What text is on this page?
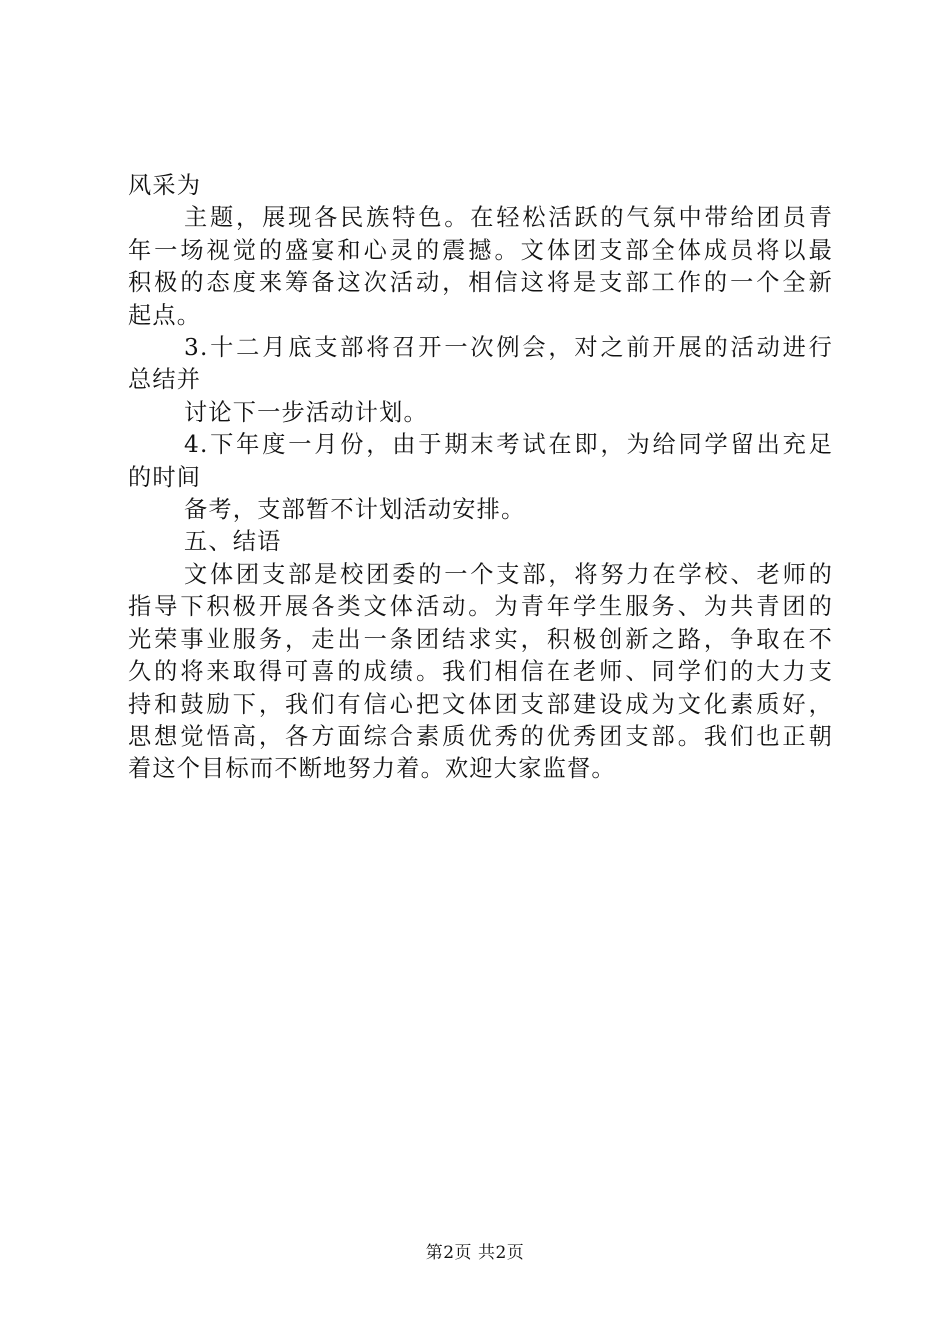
风采为
主题，展现各民族特色。在轻松活跃的气氛中带给团员青
年一场视觉的盛宴和心灵的震撼。文体团支部全体成员将以最
积极的态度来筹备这次活动，相信这将是支部工作的一个全新
起点。
3.十二月底支部将召开一次例会，对之前开展的活动进行
总结并
讨论下一步活动计划。
4.下年度一月份，由于期末考试在即，为给同学留出充足
的时间
备考，支部暂不计划活动安排。
五、结语
文体团支部是校团委的一个支部，将努力在学校、老师的
指导下积极开展各类文体活动。为青年学生服务、为共青团的
光荣事业服务，走出一条团结求实，积极创新之路，争取在不
久的将来取得可喜的成绩。我们相信在老师、同学们的大力支
持和鼓励下，我们有信心把文体团支部建设成为文化素质好，
思想觉悟高，各方面综合素质优秀的优秀团支部。我们也正朝
着这个目标而不断地努力着。欢迎大家监督。
第2页 共2页
